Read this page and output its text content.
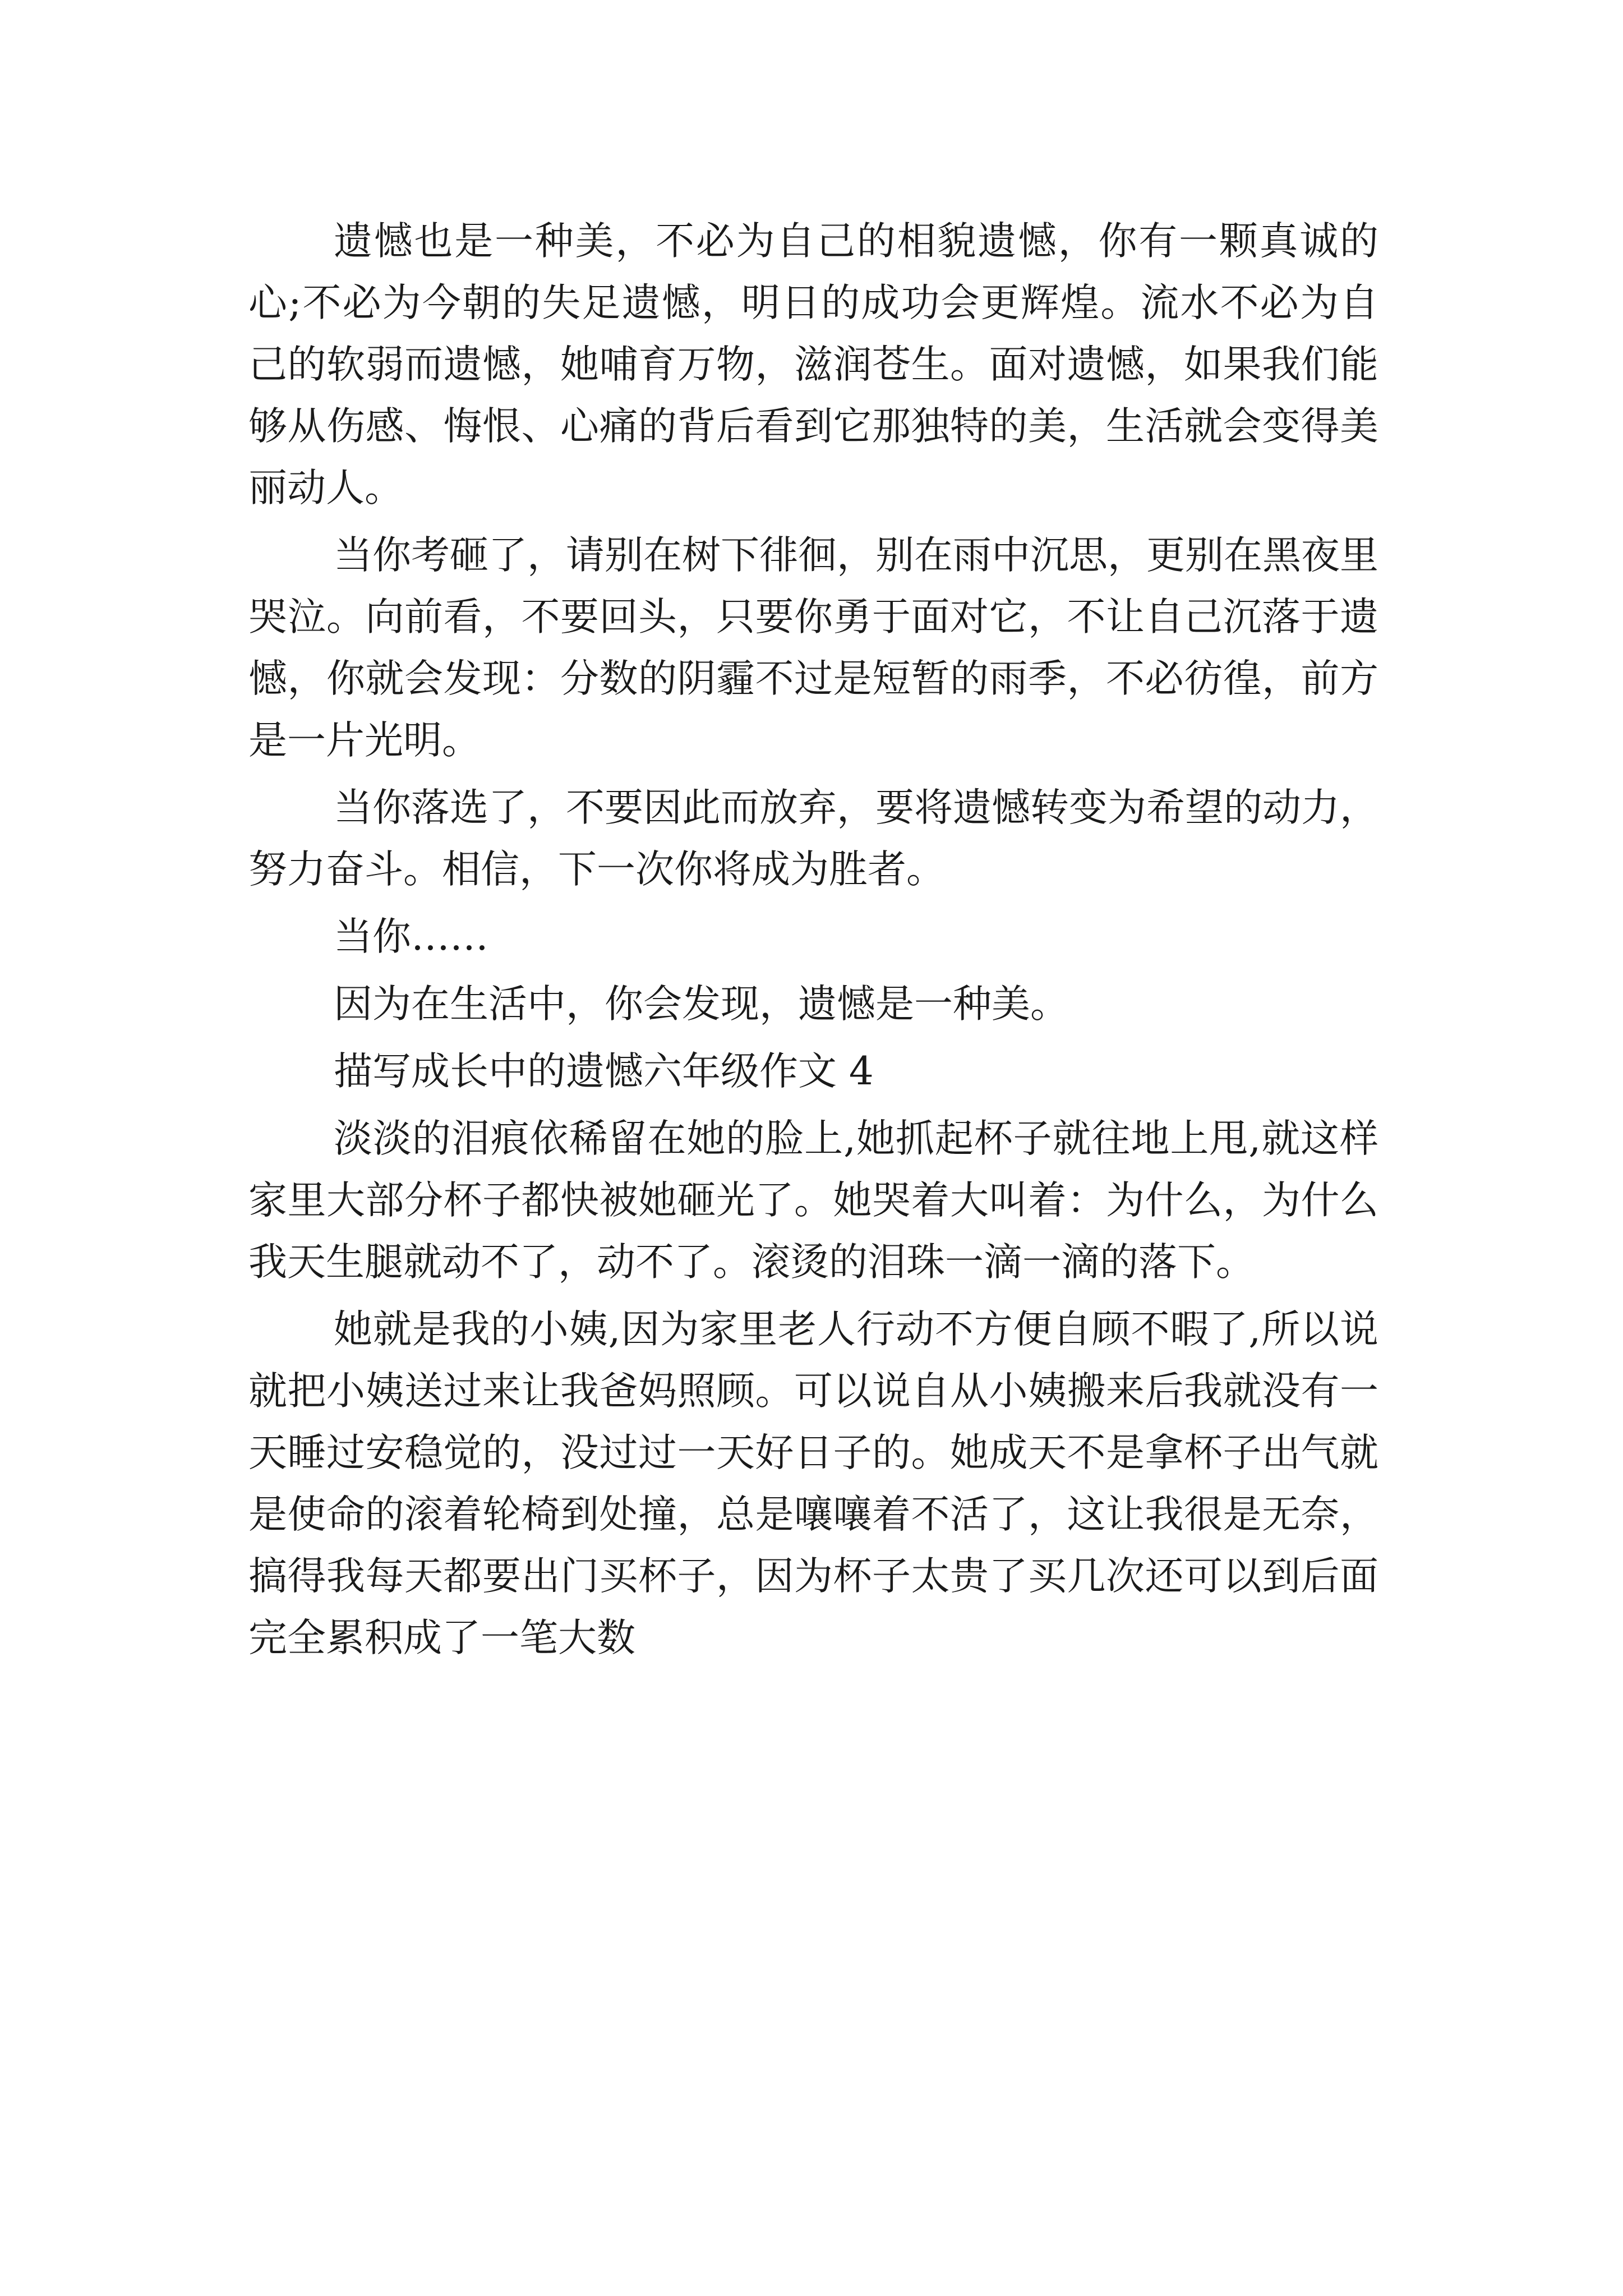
遗憾也是一种美，不必为自己的相貌遗憾，你有一颗真诚的心;不必为今朝的失足遗憾，明日的成功会更辉煌。流水不必为自己的软弱而遗憾，她哺育万物，滋润苍生。面对遗憾，如果我们能够从伤感、悔恨、心痛的背后看到它那独特的美，生活就会变得美丽动人。

当你考砸了，请别在树下徘徊，别在雨中沉思，更别在黑夜里哭泣。向前看，不要回头，只要你勇于面对它，不让自己沉落于遗憾，你就会发现：分数的阴霾不过是短暂的雨季，不必彷徨，前方是一片光明。

当你落选了，不要因此而放弃，要将遗憾转变为希望的动力，努力奋斗。相信，下一次你将成为胜者。

当你……

因为在生活中，你会发现，遗憾是一种美。

描写成长中的遗憾六年级作文 4

淡淡的泪痕依稀留在她的脸上,她抓起杯子就往地上甩,就这样家里大部分杯子都快被她砸光了。她哭着大叫着：为什么，为什么我天生腿就动不了，动不了。滚烫的泪珠一滴一滴的落下。

她就是我的小姨,因为家里老人行动不方便自顾不暇了,所以说就把小姨送过来让我爸妈照顾。可以说自从小姨搬来后我就没有一天睡过安稳觉的，没过过一天好日子的。她成天不是拿杯子出气就是使命的滚着轮椅到处撞，总是嚷嚷着不活了，这让我很是无奈，搞得我每天都要出门买杯子，因为杯子太贵了买几次还可以到后面完全累积成了一笔大数
